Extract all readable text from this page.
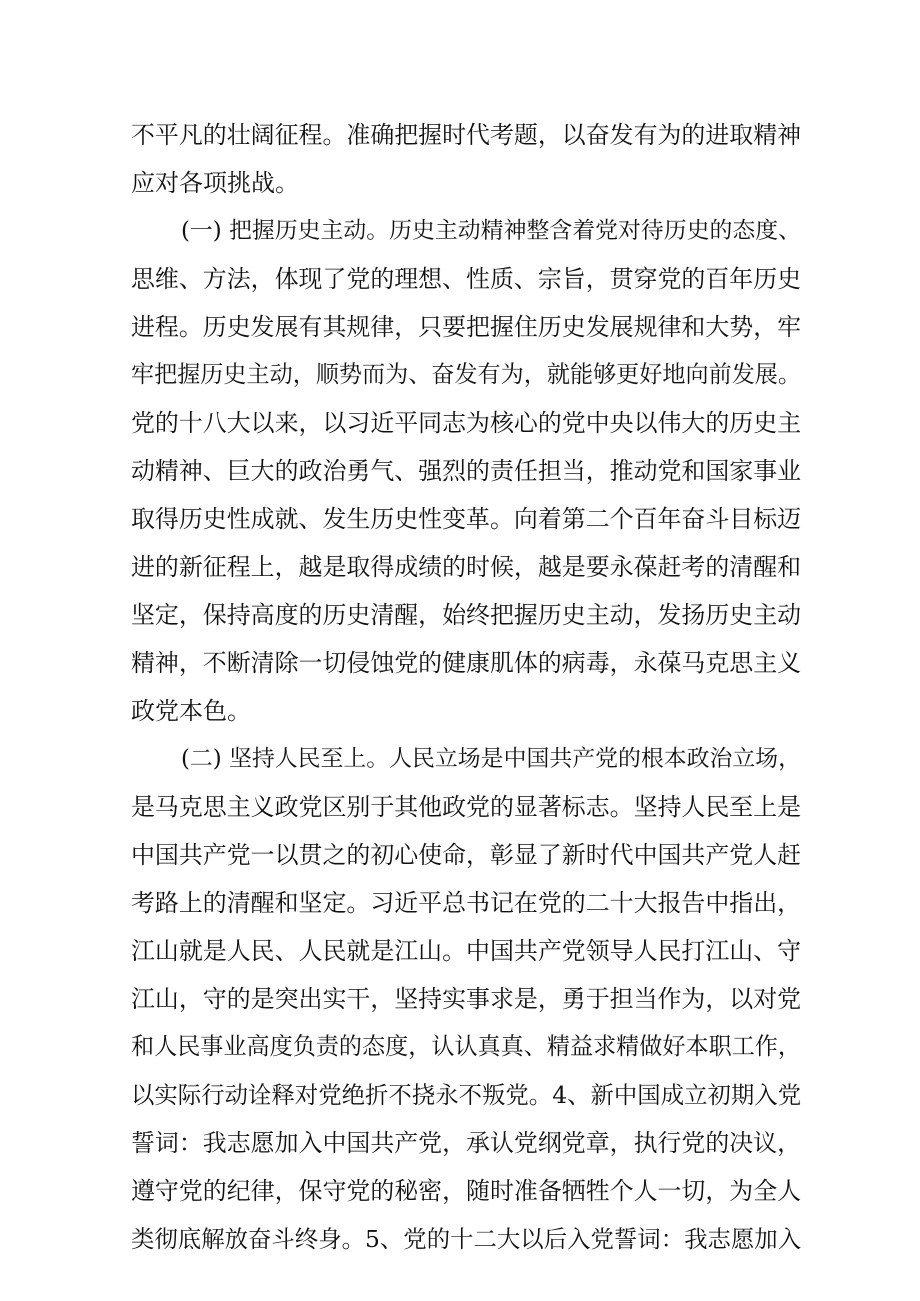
不平凡的壮阔征程。准确把握时代考题，以奋发有为的进取精神
应对各项挑战。
(一) 把握历史主动。历史主动精神整含着党对待历史的态度、
思维、方法，体现了党的理想、性质、宗旨，贯穿党的百年历史
进程。历史发展有其规律，只要把握住历史发展规律和大势，牢
牢把握历史主动，顺势而为、奋发有为，就能够更好地向前发展。
党的十八大以来，以习近平同志为核心的党中央以伟大的历史主
动精神、巨大的政治勇气、强烈的责任担当，推动党和国家事业
取得历史性成就、发生历史性变革。向着第二个百年奋斗目标迈
进的新征程上，越是取得成绩的时候，越是要永葆赶考的清醒和
坚定，保持高度的历史清醒，始终把握历史主动，发扬历史主动
精神，不断清除一切侵蚀党的健康肌体的病毒，永葆马克思主义
政党本色。
(二) 坚持人民至上。人民立场是中国共产党的根本政治立场，
是马克思主义政党区别于其他政党的显著标志。坚持人民至上是
中国共产党一以贯之的初心使命，彰显了新时代中国共产党人赶
考路上的清醒和坚定。习近平总书记在党的二十大报告中指出，
江山就是人民、人民就是江山。中国共产党领导人民打江山、守
江山，守的是突出实干，坚持实事求是，勇于担当作为，以对党
和人民事业高度负责的态度，认认真真、精益求精做好本职工作，
以实际行动诠释对党绝折不挠永不叛党。4、新中国成立初期入党
誓词：我志愿加入中国共产党，承认党纲党章，执行党的决议，
遵守党的纪律，保守党的秘密，随时准备牺牲个人一切，为全人
类彻底解放奋斗终身。5、党的十二大以后入党誓词：我志愿加入
